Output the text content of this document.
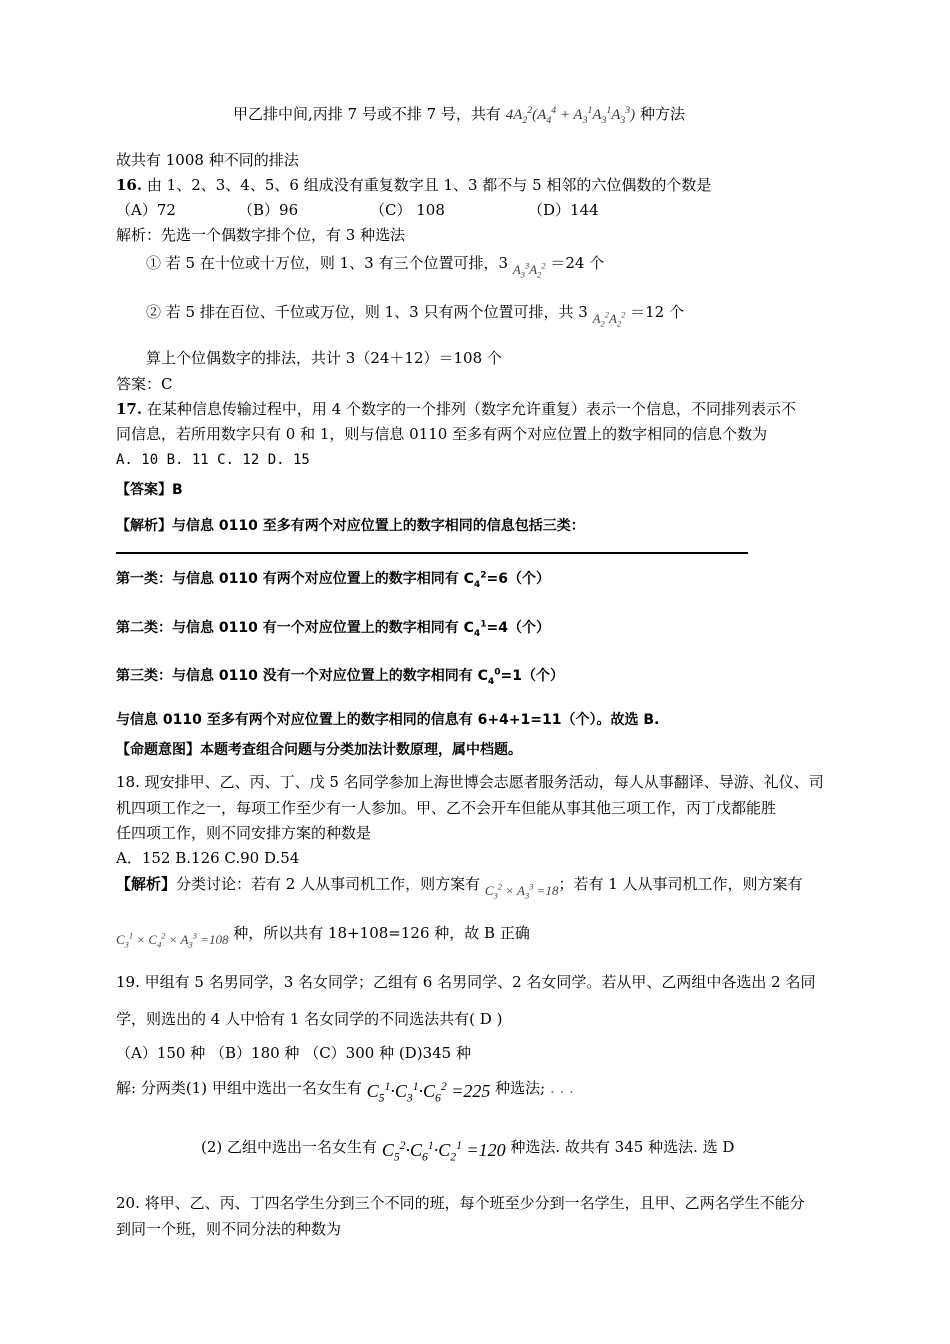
甲乙排中间,丙排 7 号或不排 7 号，共有 $4A_2^2(A_4^4 + A_3^1A_3^1A_3^3)$ 种方法
故共有 1008 种不同的排法
16. 由 1、2、3、4、5、6 组成没有重复数字且 1、3 都不与 5 相邻的六位偶数的个数是
（A）72	（B）96	（C） 108	（D）144
解析：先选一个偶数字排个位，有 3 种选法
① 若 5 在十位或十万位，则 1、3 有三个位置可排，3 $A_3^3A_2^2 =24$ 个
② 若 5 排在百位、千位或万位，则 1、3 只有两个位置可排，共 3 $A_2^2A_2^2 =12$ 个
算上个位偶数字的排法，共计 3（24＋12）＝108 个
答案：C
17. 在某种信息传输过程中，用 4 个数字的一个排列（数字允许重复）表示一个信息，不同排列表示不
同信息，若所用数字只有 0 和 1，则与信息 0110 至多有两个对应位置上的数字相同的信息个数为
A. 10 B. 11 C. 12 D. 15
【答案】B
【解析】与信息 0110 至多有两个对应位置上的数字相同的信息包括三类：
第一类：与信息 0110 有两个对应位置上的数字相同有 $C_4^2=6$（个）
第二类：与信息 0110 有一个对应位置上的数字相同有 $C_4^1=4$（个）
第三类：与信息 0110 没有一个对应位置上的数字相同有 $C_4^0=1$（个）
与信息 0110 至多有两个对应位置上的数字相同的信息有 6+4+1=11（个）。故选 B.
【命题意图】本题考查组合问题与分类加法计数原理，属中档题。
18. 现安排甲、乙、丙、丁、戊 5 名同学参加上海世博会志愿者服务活动，每人从事翻译、导游、礼仪、司
机四项工作之一，每项工作至少有一人参加。甲、乙不会开车但能从事其他三项工作，丙丁戊都能胜
任四项工作，则不同安排方案的种数是
A．152 B.126 C.90 D.54
【解析】分类讨论：若有 2 人从事司机工作，则方案有 $C_3^2 \times A_3^3 =18$；若有 1 人从事司机工作，则方案有
$C_3^1 \times C_4^2 \times A_3^3 =108$ 种，所以共有 18+108=126 种，故 B 正确
19. 甲组有 5 名男同学，3 名女同学；乙组有 6 名男同学、2 名女同学。若从甲、乙两组中各选出 2 名同
学，则选出的 4 人中恰有 1 名女同学的不同选法共有( D )
（A）150 种 （B）180 种 （C）300 种 (D)345 种
解: 分两类(1) 甲组中选出一名女生有 $C_5^1\cdot C_3^1\cdot C_6^2 =225$ 种选法; . . .
(2) 乙组中选出一名女生有 $C_5^2\cdot C_6^1\cdot C_2^1 =120$ 种选法. 故共有 345 种选法. 选 D
20. 将甲、乙、丙、丁四名学生分到三个不同的班，每个班至少分到一名学生，且甲、乙两名学生不能分
到同一个班，则不同分法的种数为
